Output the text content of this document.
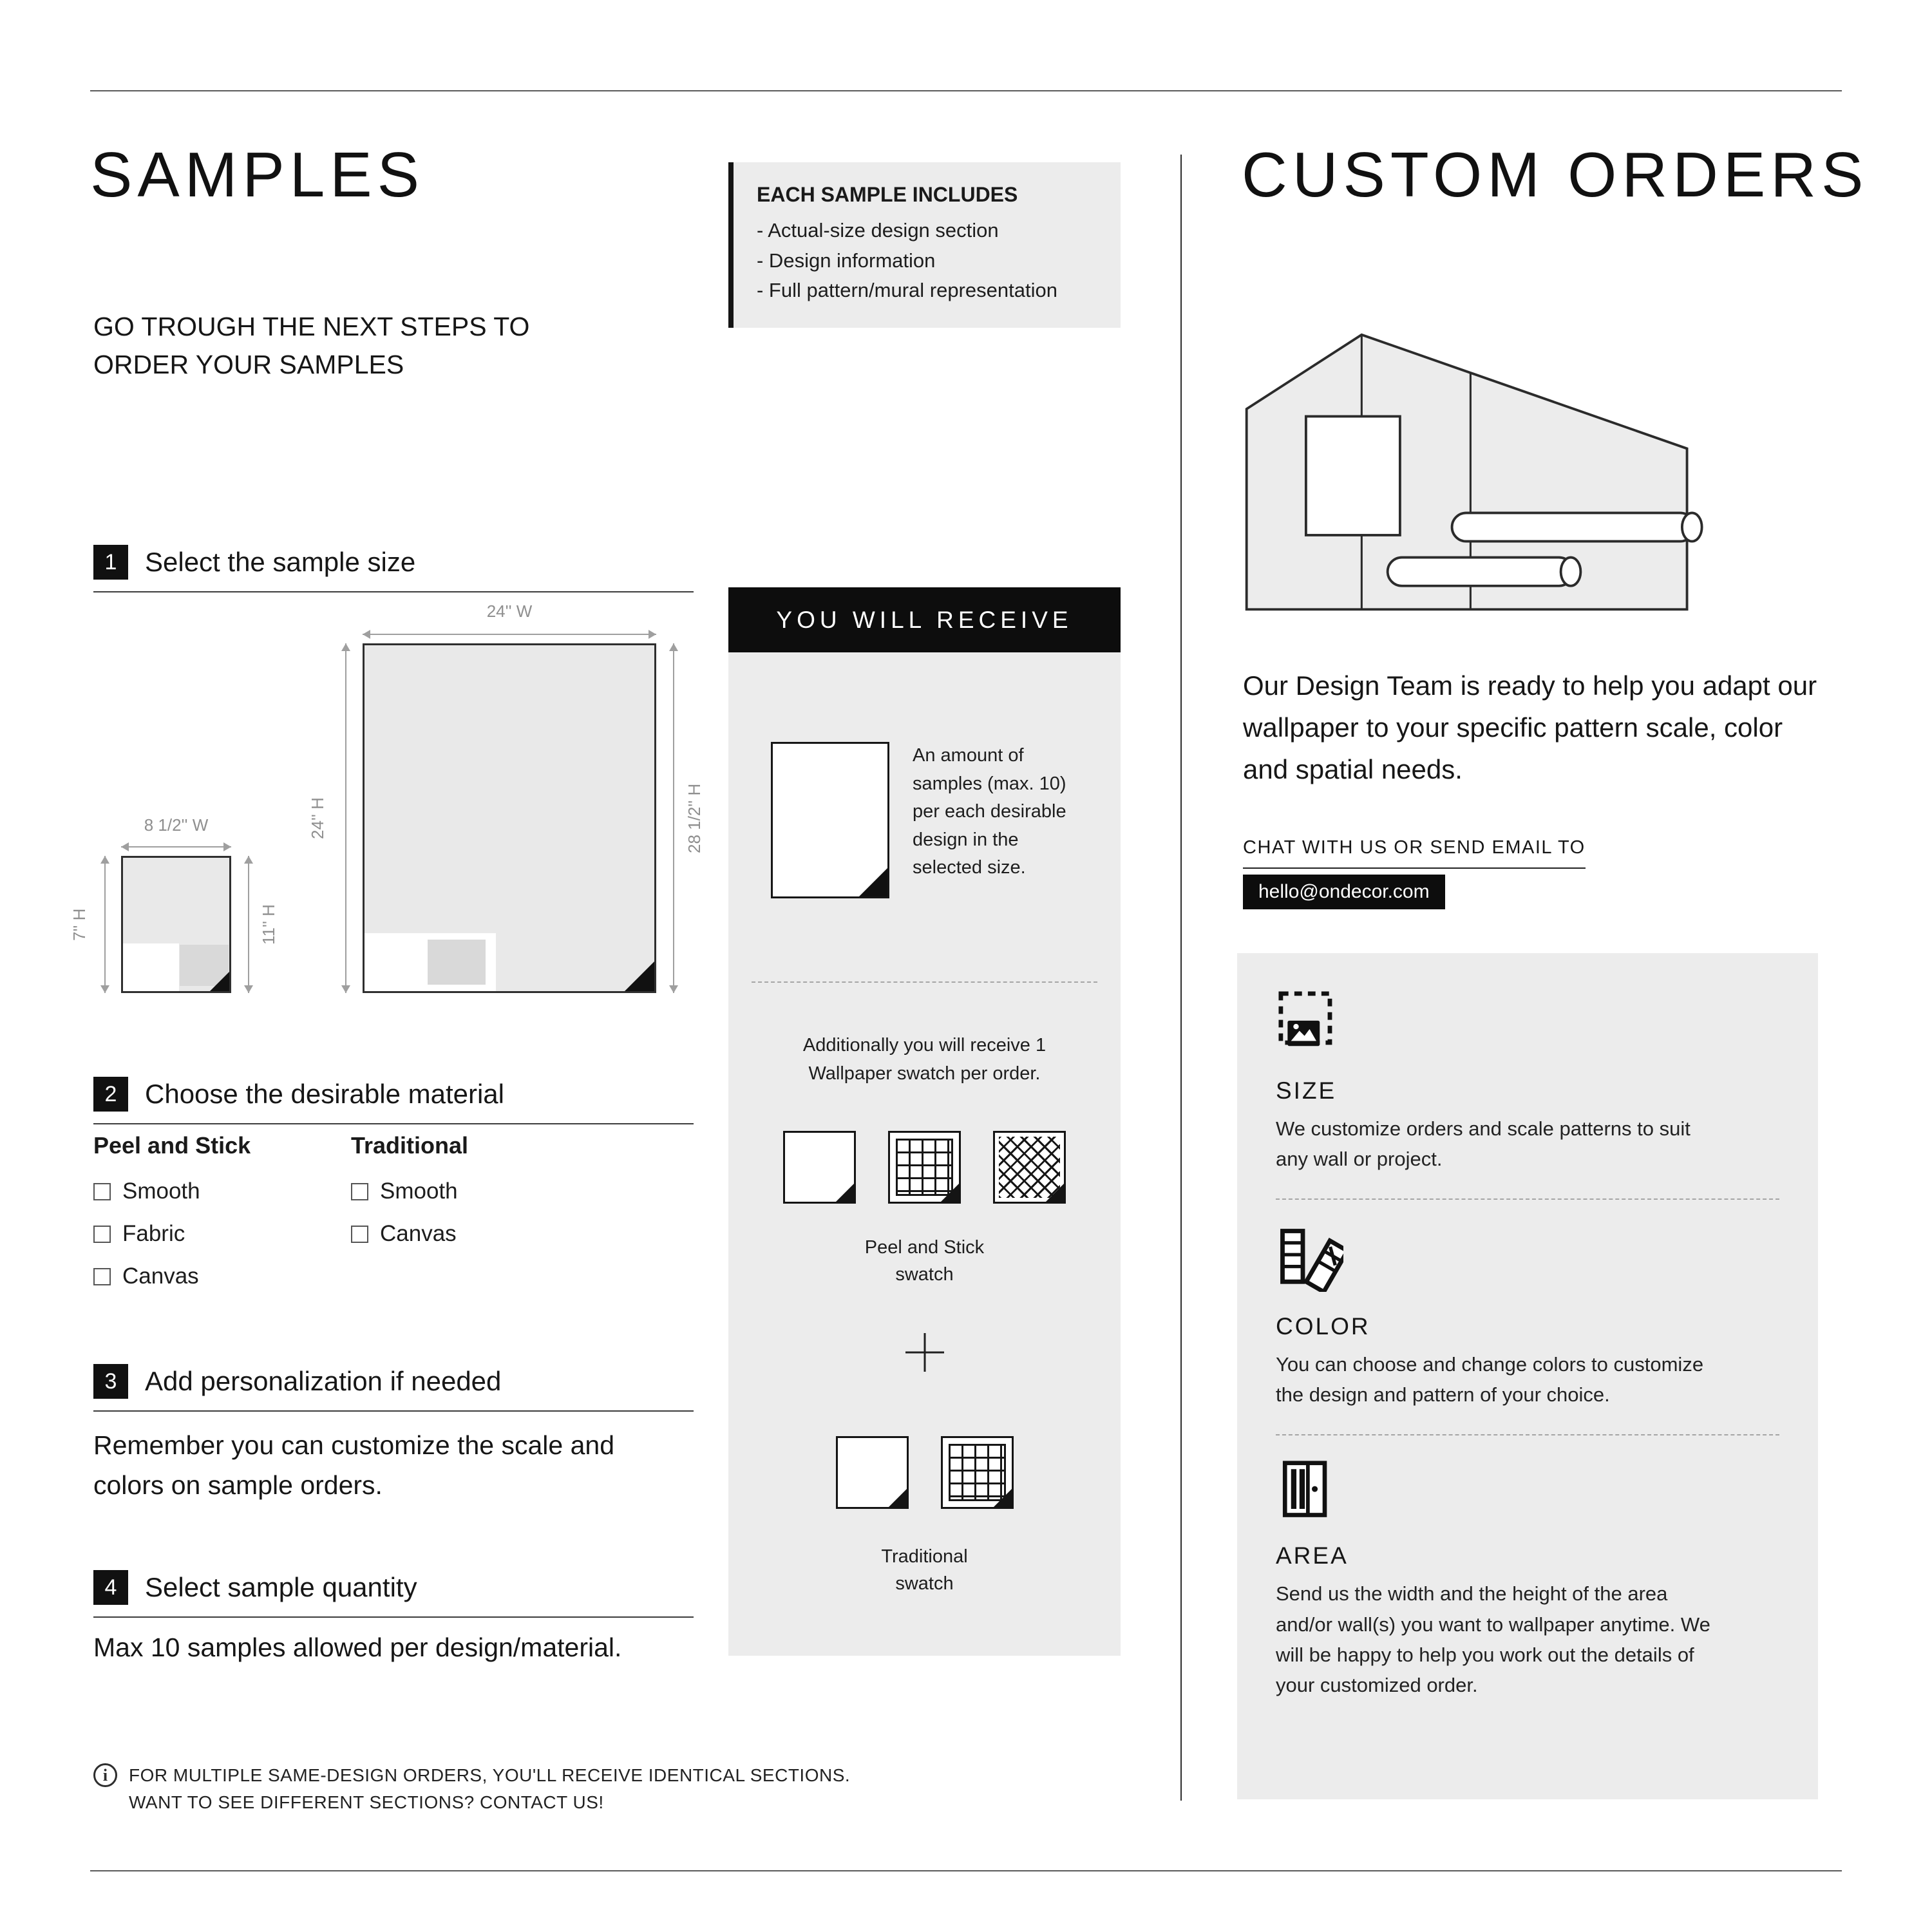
SAMPLES	EACH SAMPLE INCLUDES
- Actual-size design section
- Design information
- Full pattern/mural representation
GO TROUGH THE NEXT STEPS TO ORDER YOUR SAMPLES
1	Select the sample size
24'' W
24'' H	28 1/2'' H
8 1/2'' W
7'' H	11'' H
2	Choose the desirable material
Peel and Stick
Smooth
Fabric
Canvas
Traditional
Smooth
Canvas
3	Add personalization if needed
Remember you can customize the scale and colors on sample orders.
4	Select sample quantity
Max 10 samples allowed per design/material.
i
FOR MULTIPLE SAME-DESIGN ORDERS, YOU'LL RECEIVE IDENTICAL SECTIONS. WANT TO SEE DIFFERENT SECTIONS? CONTACT US!
YOU WILL RECEIVE
An amount of samples (max. 10) per each desirable design in the selected size.
Additionally you will receive 1 Wallpaper swatch per order.
Peel and Stick swatch
Traditional swatch
CUSTOM ORDERS
Our Design Team is ready to help you adapt our wallpaper to your specific pattern scale, color and spatial needs.
CHAT WITH US OR SEND EMAIL TO
hello@ondecor.com
SIZE
We customize orders and scale patterns to suit any wall or project.
COLOR
You can choose and change colors to customize the design and pattern of your choice.
AREA
Send us the width and the height of the area and/or wall(s) you want to wallpaper anytime. We will be happy to help you work out the details of your customized order.
